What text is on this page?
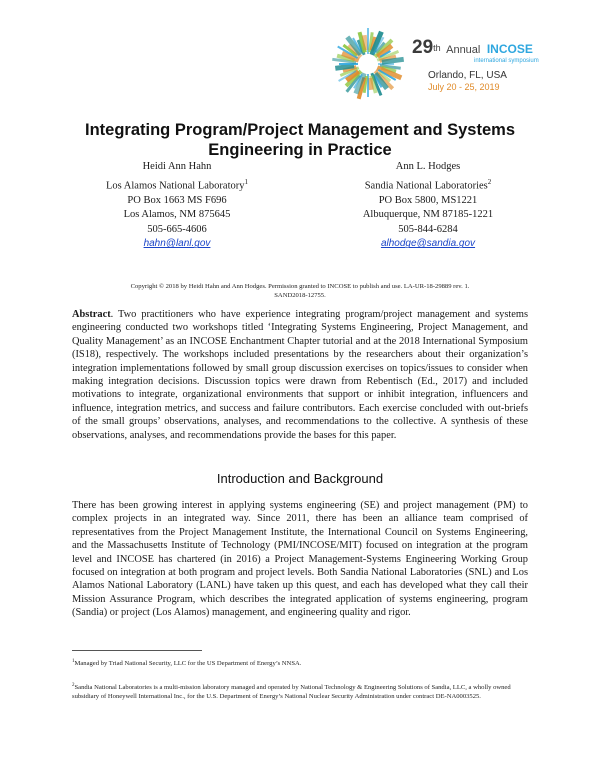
29th Annual INCOSE
international symposium
Orlando, FL, USA
July 20 - 25, 2019
Integrating Program/Project Management and Systems
Engineering in Practice
Heidi Ann Hahn
Los Alamos National Laboratory$^1$
PO Box 1663 MS F696
Los Alamos, NM 875645
505-665-4606
hahn@lanl.gov
Ann L. Hodges
Sandia National Laboratories$^2$
PO Box 5800, MS1221
Albuquerque, NM 87185-1221
505-844-6284
alhodge@sandia.gov
Copyright © 2018 by Heidi Hahn and Ann Hodges. Permission granted to INCOSE to publish and use. LA-UR-18-29889 rev. 1.
SAND2018-12755.

Abstract. Two practitioners who have experience integrating program/project management and systems engineering conducted two workshops titled ‘Integrating Systems Engineering, Project Management, and Quality Management’ as an INCOSE Enchantment Chapter tutorial and at the 2018 International Symposium (IS18), respectively. The workshops included presentations by the researchers about their organization’s integration implementations followed by small group discussion exercises on topics/issues to consider when making integration decisions. Discussion topics were drawn from Rebentisch (Ed., 2017) and included motivations to integrate, organizational environments that support or inhibit integration, influencers and influence, integration metrics, and success and failure contributors. Each exercise concluded with out-briefs of the small groups’ observations, analyses, and recommendations to the collective. A synthesis of these observations, analyses, and recommendations provide the bases for this paper.

Introduction and Background

There has been growing interest in applying systems engineering (SE) and project management (PM) to complex projects in an integrated way. Since 2011, there has been an alliance team comprised of representatives from the Project Management Institute, the International Council on Systems Engineering, and the Massachusetts Institute of Technology (PMI/INCOSE/MIT) focused on integration at the program level and INCOSE has chartered (in 2016) a Project Management-Systems Engineering Working Group focused on integration at both program and project levels. Both Sandia National Laboratories (SNL) and Los Alamos National Laboratory (LANL) have taken up this quest, and each has developed what they call their Mission Assurance Program, which describes the integrated application of systems engineering, program (Sandia) or project (Los Alamos) management, and engineering quality and rigor.

$^1$Managed by Triad National Security, LLC for the US Department of Energy’s NNSA.

$^2$Sandia National Laboratories is a multi-mission laboratory managed and operated by National Technology & Engineering Solutions of Sandia, LLC, a wholly owned subsidiary of Honeywell International Inc., for the U.S. Department of Energy’s National Nuclear Security Administration under contract DE-NA0003525.
